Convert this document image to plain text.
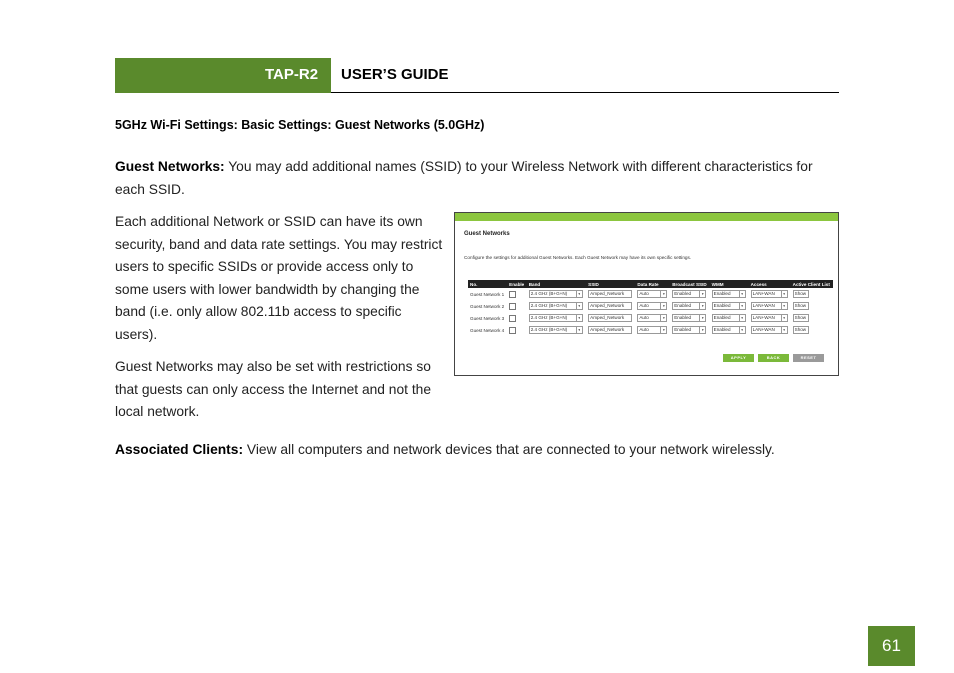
TAP-R2 USER’S GUIDE
5GHz Wi-Fi Settings: Basic Settings: Guest Networks (5.0GHz)
Guest Networks: You may add additional names (SSID) to your Wireless Network with different characteristics for each SSID.
Each additional Network or SSID can have its own security, band and data rate settings. You may restrict users to specific SSIDs or provide access only to some users with lower bandwidth by changing the band (i.e. only allow 802.11b access to specific users).
Guest Networks may also be set with restrictions so that guests can only access the Internet and not the local network.
Associated Clients: View all computers and network devices that are connected to your network wirelessly.
Guest Networks
Configure the settings for additional Guest Networks. Each Guest Network may have its own specific settings.
No.	Enable	Band	SSID	Data Rate	Broadcast SSID	WMM	Access	Active Client List
Guest Network 1		2.4 GHz (B+G+N) ▾	Amped_Network	Auto ▾	Enabled ▾	Enabled ▾	LAN+WAN ▾	Show
Guest Network 2		2.4 GHz (B+G+N) ▾	Amped_Network	Auto ▾	Enabled ▾	Enabled ▾	LAN+WAN ▾	Show
Guest Network 3		2.4 GHz (B+G+N) ▾	Amped_Network	Auto ▾	Enabled ▾	Enabled ▾	LAN+WAN ▾	Show
Guest Network 4		2.4 GHz (B+G+N) ▾	Amped_Network	Auto ▾	Enabled ▾	Enabled ▾	LAN+WAN ▾	Show
APPLY	BACK	RESET
61
